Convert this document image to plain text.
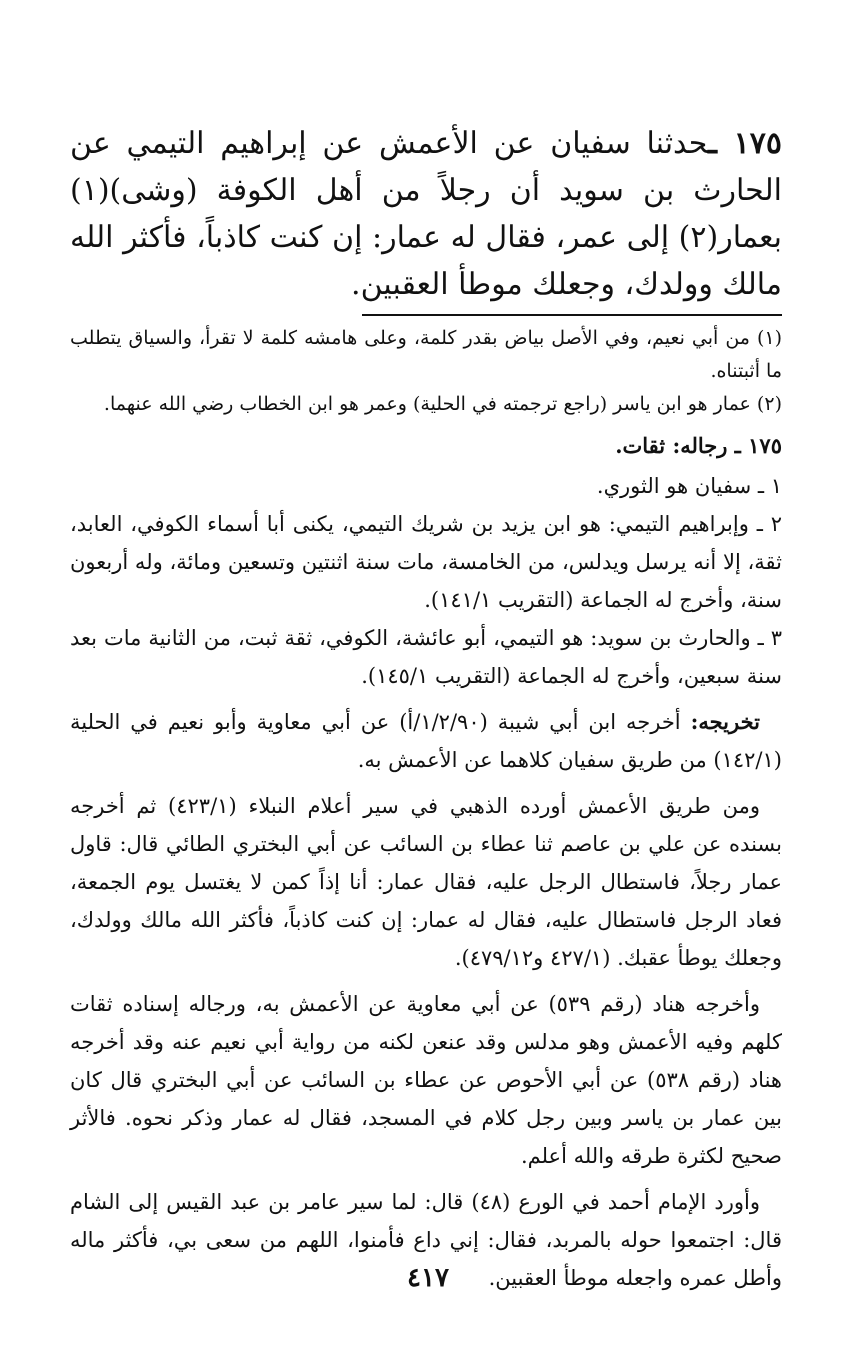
١٧٥ ـحدثنا سفيان عن الأعمش عن إبراهيم التيمي عن الحارث بن سويد أن رجلاً من أهل الكوفة (وشى)(١) بعمار(٢) إلى عمر، فقال له عمار: إن كنت كاذباً، فأكثر الله مالك وولدك، وجعلك موطأ العقبين.

(١) من أبي نعيم، وفي الأصل بياض بقدر كلمة، وعلى هامشه كلمة لا تقرأ، والسياق يتطلب ما أثبتناه.

(٢) عمار هو ابن ياسر (راجع ترجمته في الحلية) وعمر هو ابن الخطاب رضي الله عنهما.

١٧٥ ـ رجاله: ثقات.

١ ـ سفيان هو الثوري.

٢ ـ وإبراهيم التيمي: هو ابن يزيد بن شريك التيمي، يكنى أبا أسماء الكوفي، العابد، ثقة، إلا أنه يرسل ويدلس، من الخامسة، مات سنة اثنتين وتسعين ومائة، وله أربعون سنة، وأخرج له الجماعة (التقريب ١٤١/١).

٣ ـ والحارث بن سويد: هو التيمي، أبو عائشة، الكوفي، ثقة ثبت، من الثانية مات بعد سنة سبعين، وأخرج له الجماعة (التقريب ١٤٥/١).

تخريجه: أخرجه ابن أبي شيبة (١/٢/٩٠/أ) عن أبي معاوية وأبو نعيم في الحلية (١٤٢/١) من طريق سفيان كلاهما عن الأعمش به.

ومن طريق الأعمش أورده الذهبي في سير أعلام النبلاء (٤٢٣/١) ثم أخرجه بسنده عن علي بن عاصم ثنا عطاء بن السائب عن أبي البختري الطائي قال: قاول عمار رجلاً، فاستطال الرجل عليه، فقال عمار: أنا إذاً كمن لا يغتسل يوم الجمعة، فعاد الرجل فاستطال عليه، فقال له عمار: إن كنت كاذباً، فأكثر الله مالك وولدك، وجعلك يوطأ عقبك. (٤٢٧/١ و٤٧٩/١٢).

وأخرجه هناد (رقم ٥٣٩) عن أبي معاوية عن الأعمش به، ورجاله إسناده ثقات كلهم وفيه الأعمش وهو مدلس وقد عنعن لكنه من رواية أبي نعيم عنه وقد أخرجه هناد (رقم ٥٣٨) عن أبي الأحوص عن عطاء بن السائب عن أبي البختري قال كان بين عمار بن ياسر وبين رجل كلام في المسجد، فقال له عمار وذكر نحوه. فالأثر صحيح لكثرة طرقه والله أعلم.

وأورد الإمام أحمد في الورع (٤٨) قال: لما سير عامر بن عبد القيس إلى الشام قال: اجتمعوا حوله بالمربد، فقال: إني داع فأمنوا، اللهم من سعى بي، فأكثر ماله وأطل عمره واجعله موطأ العقبين.

٤١٧
